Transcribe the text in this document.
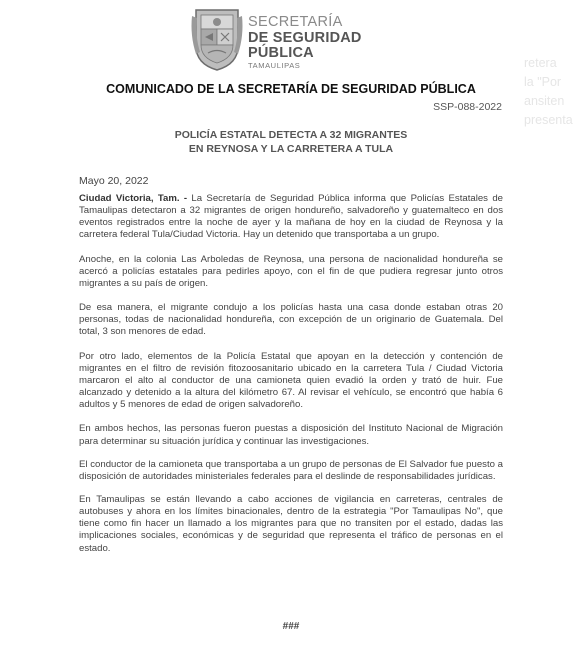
retera
la "Por
ansiten
presenta
SECRETARÍA
DE SEGURIDAD
PÚBLICA
TAMAULIPAS
COMUNICADO DE LA SECRETARÍA DE SEGURIDAD PÚBLICA
SSP-088-2022
POLICÍA ESTATAL DETECTA A 32 MIGRANTES
EN REYNOSA Y LA CARRETERA A TULA
Mayo 20, 2022

Ciudad Victoria, Tam. - La Secretaría de Seguridad Pública informa que Policías Estatales de Tamaulipas detectaron a 32 migrantes de origen hondureño, salvadoreño y guatemalteco en dos eventos registrados entre la noche de ayer y la mañana de hoy en la ciudad de Reynosa y la carretera federal Tula/Ciudad Victoria. Hay un detenido que transportaba a un grupo.

Anoche, en la colonia Las Arboledas de Reynosa, una persona de nacionalidad hondureña se acercó a policías estatales para pedirles apoyo, con el fin de que pudiera regresar junto otros migrantes a su país de origen.

De esa manera, el migrante condujo a los policías hasta una casa donde estaban otras 20 personas, todas de nacionalidad hondureña, con excepción de un originario de Guatemala. Del total, 3 son menores de edad.

Por otro lado, elementos de la Policía Estatal que apoyan en la detección y contención de migrantes en el filtro de revisión fitozoosanitario ubicado en la carretera Tula / Ciudad Victoria marcaron el alto al conductor de una camioneta quien evadió la orden y trató de huir. Fue alcanzado y detenido a la altura del kilómetro 67. Al revisar el vehículo, se encontró que había 6 adultos y 5 menores de edad de origen salvadoreño.

En ambos hechos, las personas fueron puestas a disposición del Instituto Nacional de Migración para determinar su situación jurídica y continuar las investigaciones.

El conductor de la camioneta que transportaba a un grupo de personas de El Salvador fue puesto a disposición de autoridades ministeriales federales para el deslinde de responsabilidades jurídicas.

En Tamaulipas se están llevando a cabo acciones de vigilancia en carreteras, centrales de autobuses y ahora en los límites binacionales, dentro de la estrategia "Por Tamaulipas No", que tiene como fin hacer un llamado a los migrantes para que no transiten por el estado, dadas las implicaciones sociales, económicas y de seguridad que representa el tráfico de personas en el estado.

###
